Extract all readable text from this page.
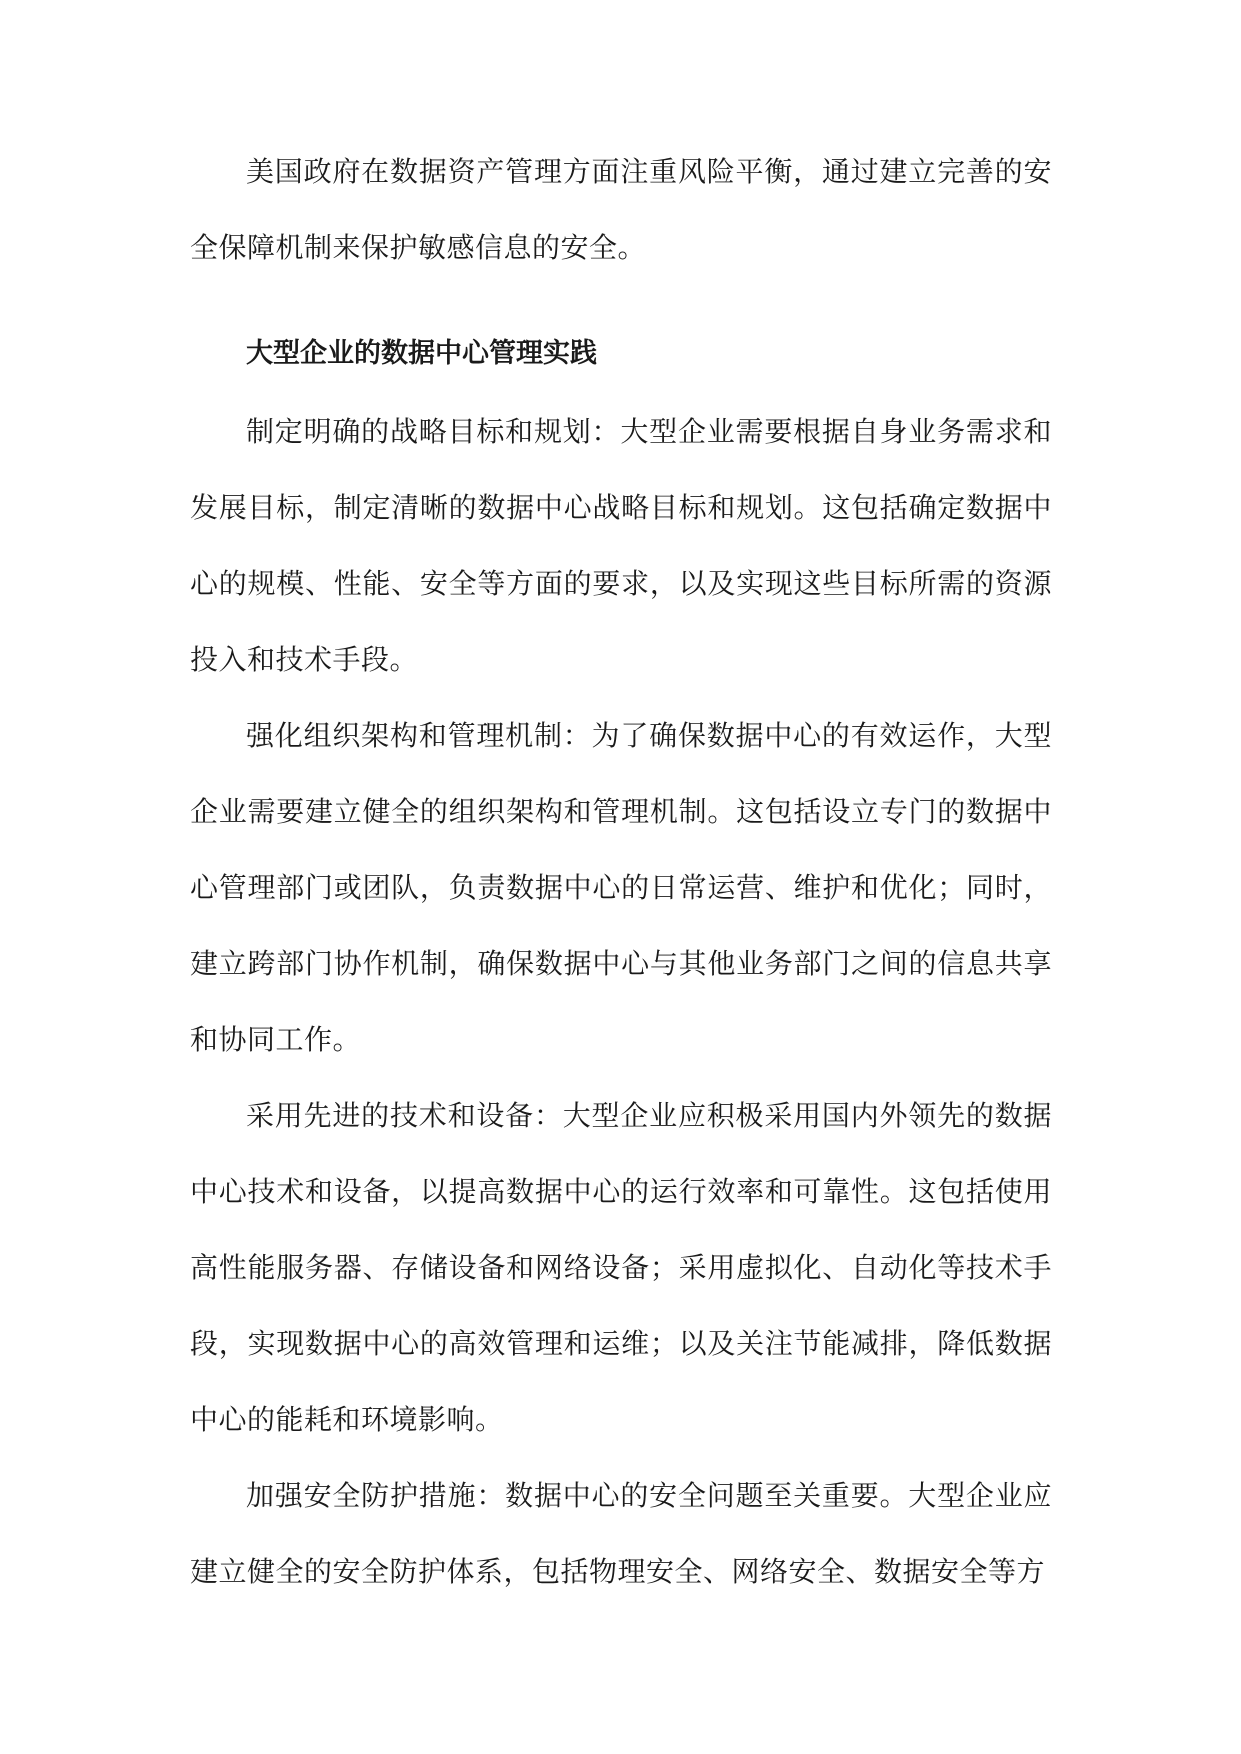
美国政府在数据资产管理方面注重风险平衡，通过建立完善的安全保障机制来保护敏感信息的安全。

大型企业的数据中心管理实践

制定明确的战略目标和规划：大型企业需要根据自身业务需求和发展目标，制定清晰的数据中心战略目标和规划。这包括确定数据中心的规模、性能、安全等方面的要求，以及实现这些目标所需的资源投入和技术手段。

强化组织架构和管理机制：为了确保数据中心的有效运作，大型企业需要建立健全的组织架构和管理机制。这包括设立专门的数据中心管理部门或团队，负责数据中心的日常运营、维护和优化；同时，建立跨部门协作机制，确保数据中心与其他业务部门之间的信息共享和协同工作。

采用先进的技术和设备：大型企业应积极采用国内外领先的数据中心技术和设备，以提高数据中心的运行效率和可靠性。这包括使用高性能服务器、存储设备和网络设备；采用虚拟化、自动化等技术手段，实现数据中心的高效管理和运维；以及关注节能减排，降低数据中心的能耗和环境影响。

加强安全防护措施：数据中心的安全问题至关重要。大型企业应建立健全的安全防护体系，包括物理安全、网络安全、数据安全等方
